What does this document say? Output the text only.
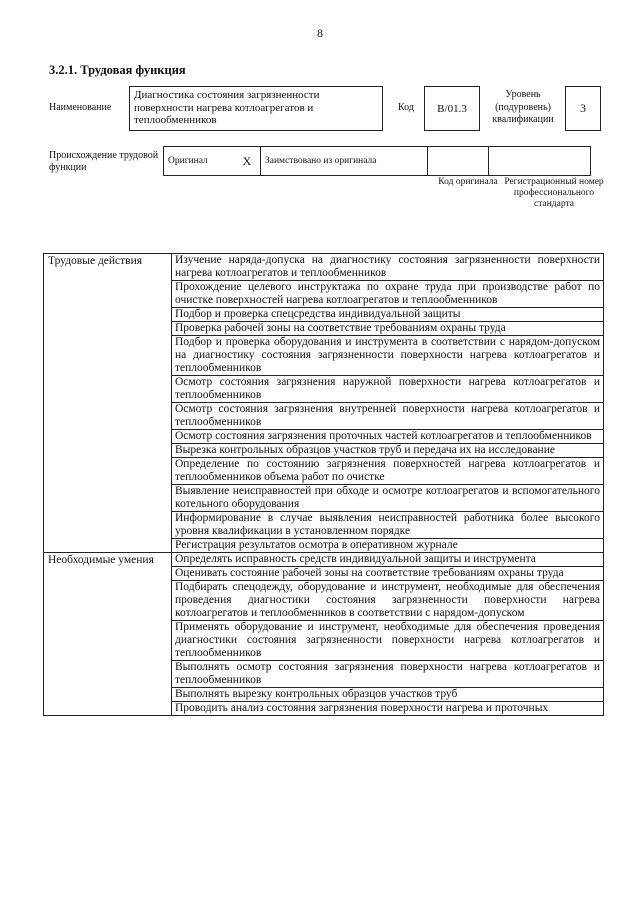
8
3.2.1. Трудовая функция
Наименование
Диагностика состояния загрязненности поверхности нагрева котлоагрегатов и теплообменников
Код	B/01.3
Уровень (подуровень) квалификации
3
Происхождение трудовой функции
Оригинал	X	Заимствовано из оригинала		
Код оригинала Регистрационный номер профессионального стандарта
Трудовые действия	Изучение наряда-допуска на диагностику состояния загрязненности поверхности нагрева котлоагрегатов и теплообменников
	Прохождение целевого инструктажа по охране труда при производстве работ по очистке поверхностей нагрева котлоагрегатов и теплообменников
	Подбор и проверка спецсредства индивидуальной защиты
	Проверка рабочей зоны на соответствие требованиям охраны труда
	Подбор и проверка оборудования и инструмента в соответствии с нарядом-допуском на диагностику состояния загрязненности поверхности нагрева котлоагрегатов и теплообменников
	Осмотр состояния загрязнения наружной поверхности нагрева котлоагрегатов и теплообменников
	Осмотр состояния загрязнения внутренней поверхности нагрева котлоагрегатов и теплообменников
	Осмотр состояния загрязнения проточных частей котлоагрегатов и теплообменников
	Вырезка контрольных образцов участков труб и передача их на исследование
	Определение по состоянию загрязнения поверхностей нагрева котлоагрегатов и теплообменников объема работ по очистке
	Выявление неисправностей при обходе и осмотре котлоагрегатов и вспомогательного котельного оборудования
	Информирование в случае выявления неисправностей работника более высокого уровня квалификации в установленном порядке
	Регистрация результатов осмотра в оперативном журнале
Необходимые умения	Определять исправность средств индивидуальной защиты и инструмента
	Оценивать состояние рабочей зоны на соответствие требованиям охраны труда
	Подбирать спецодежду, оборудование и инструмент, необходимые для обеспечения проведения диагностики состояния загрязненности поверхности нагрева котлоагрегатов и теплообменников в соответствии с нарядом-допуском
	Применять оборудование и инструмент, необходимые для обеспечения проведения диагностики состояния загрязненности поверхности нагрева котлоагрегатов и теплообменников
	Выполнять осмотр состояния загрязнения поверхности нагрева котлоагрегатов и теплообменников
	Выполнять вырезку контрольных образцов участков труб
	Проводить анализ состояния загрязнения поверхности нагрева и проточных
